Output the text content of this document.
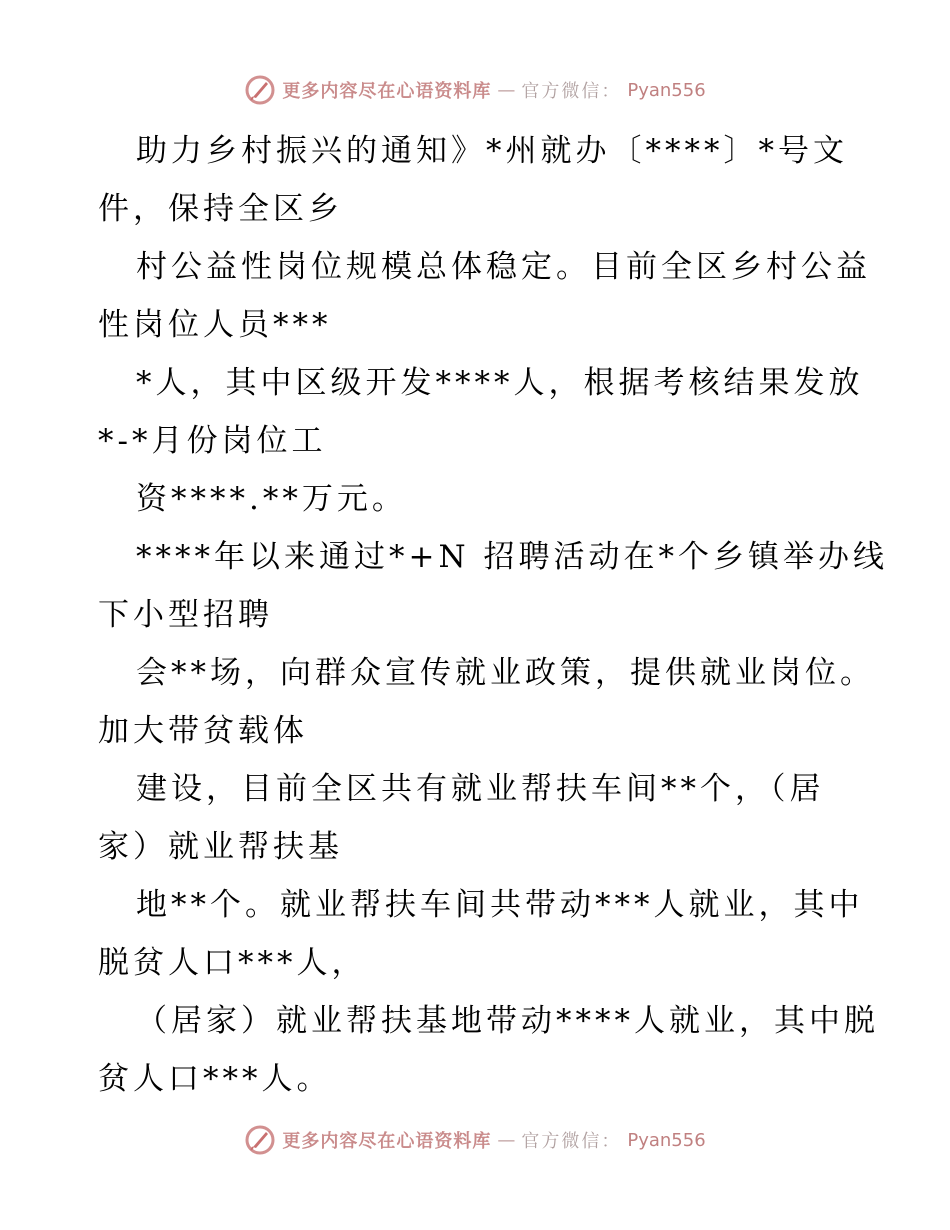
更多内容尽在心语资料库 — 官方微信： Pyan556
助力乡村振兴的通知》*州就办〔****〕*号文
件，保持全区乡
村公益性岗位规模总体稳定。目前全区乡村公益
性岗位人员***
*人，其中区级开发****人，根据考核结果发放
*-*月份岗位工
资****.**万元。
****年以来通过*+N 招聘活动在*个乡镇举办线
下小型招聘
会**场，向群众宣传就业政策，提供就业岗位。
加大带贫载体
建设，目前全区共有就业帮扶车间**个，（居
家）就业帮扶基
地**个。就业帮扶车间共带动***人就业，其中
脱贫人口***人，
（居家）就业帮扶基地带动****人就业，其中脱
贫人口***人。
更多内容尽在心语资料库 — 官方微信： Pyan556
